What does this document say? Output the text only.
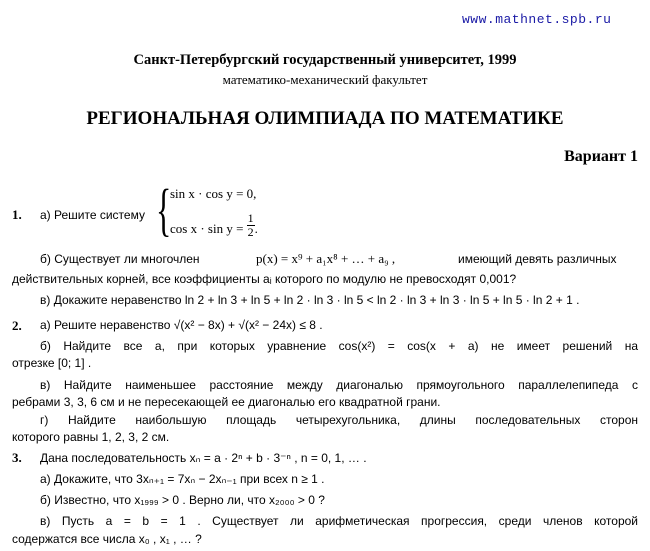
www.mathnet.spb.ru
Санкт-Петербургский государственный университет, 1999
математико-механический факультет
РЕГИОНАЛЬНАЯ ОЛИМПИАДА ПО МАТЕМАТИКЕ
Вариант 1
1. а) Решите систему {
sin x · cos y = 0,
$\cos x \cdot \sin y = \frac{1}{2}$ .
б) Существует ли многочлен	p(x) = x⁹ + a₁x⁸ + … + a₉ ,	имеющий девять различных
действительных корней, все коэффициенты aᵢ которого по модулю не превосходят 0,001?
в) Докажите неравенство ln 2 + ln 3 + ln 5 + ln 2 · ln 3 · ln 5 < ln 2 · ln 3 + ln 3 · ln 5 + ln 5 · ln 2 + 1 .
2. а) Решите неравенство √(x² − 8x) + √(x² − 24x) ≤ 8 .
б) Найдите все a, при которых уравнение cos(x²) = cos(x + a) не имеет решений на
отрезке [0; 1] .
в) Найдите наименьшее расстояние между диагональю прямоугольного параллелепипеда с
ребрами 3, 3, 6 см и не пересекающей ее диагональю его квадратной грани.
г) Найдите наибольшую площадь четырехугольника, длины последовательных сторон
которого равны 1, 2, 3, 2 см.
3. Дана последовательность xₙ = a · 2ⁿ + b · 3⁻ⁿ , n = 0, 1, … .
а) Докажите, что 3xₙ₊₁ = 7xₙ − 2xₙ₋₁ при всех n ≥ 1 .
б) Известно, что x₁₉₉₉ > 0 . Верно ли, что x₂₀₀₀ > 0 ?
в) Пусть a = b = 1 . Существует ли арифметическая прогрессия, среди членов которой
содержатся все числа x₀ , x₁ , … ?
